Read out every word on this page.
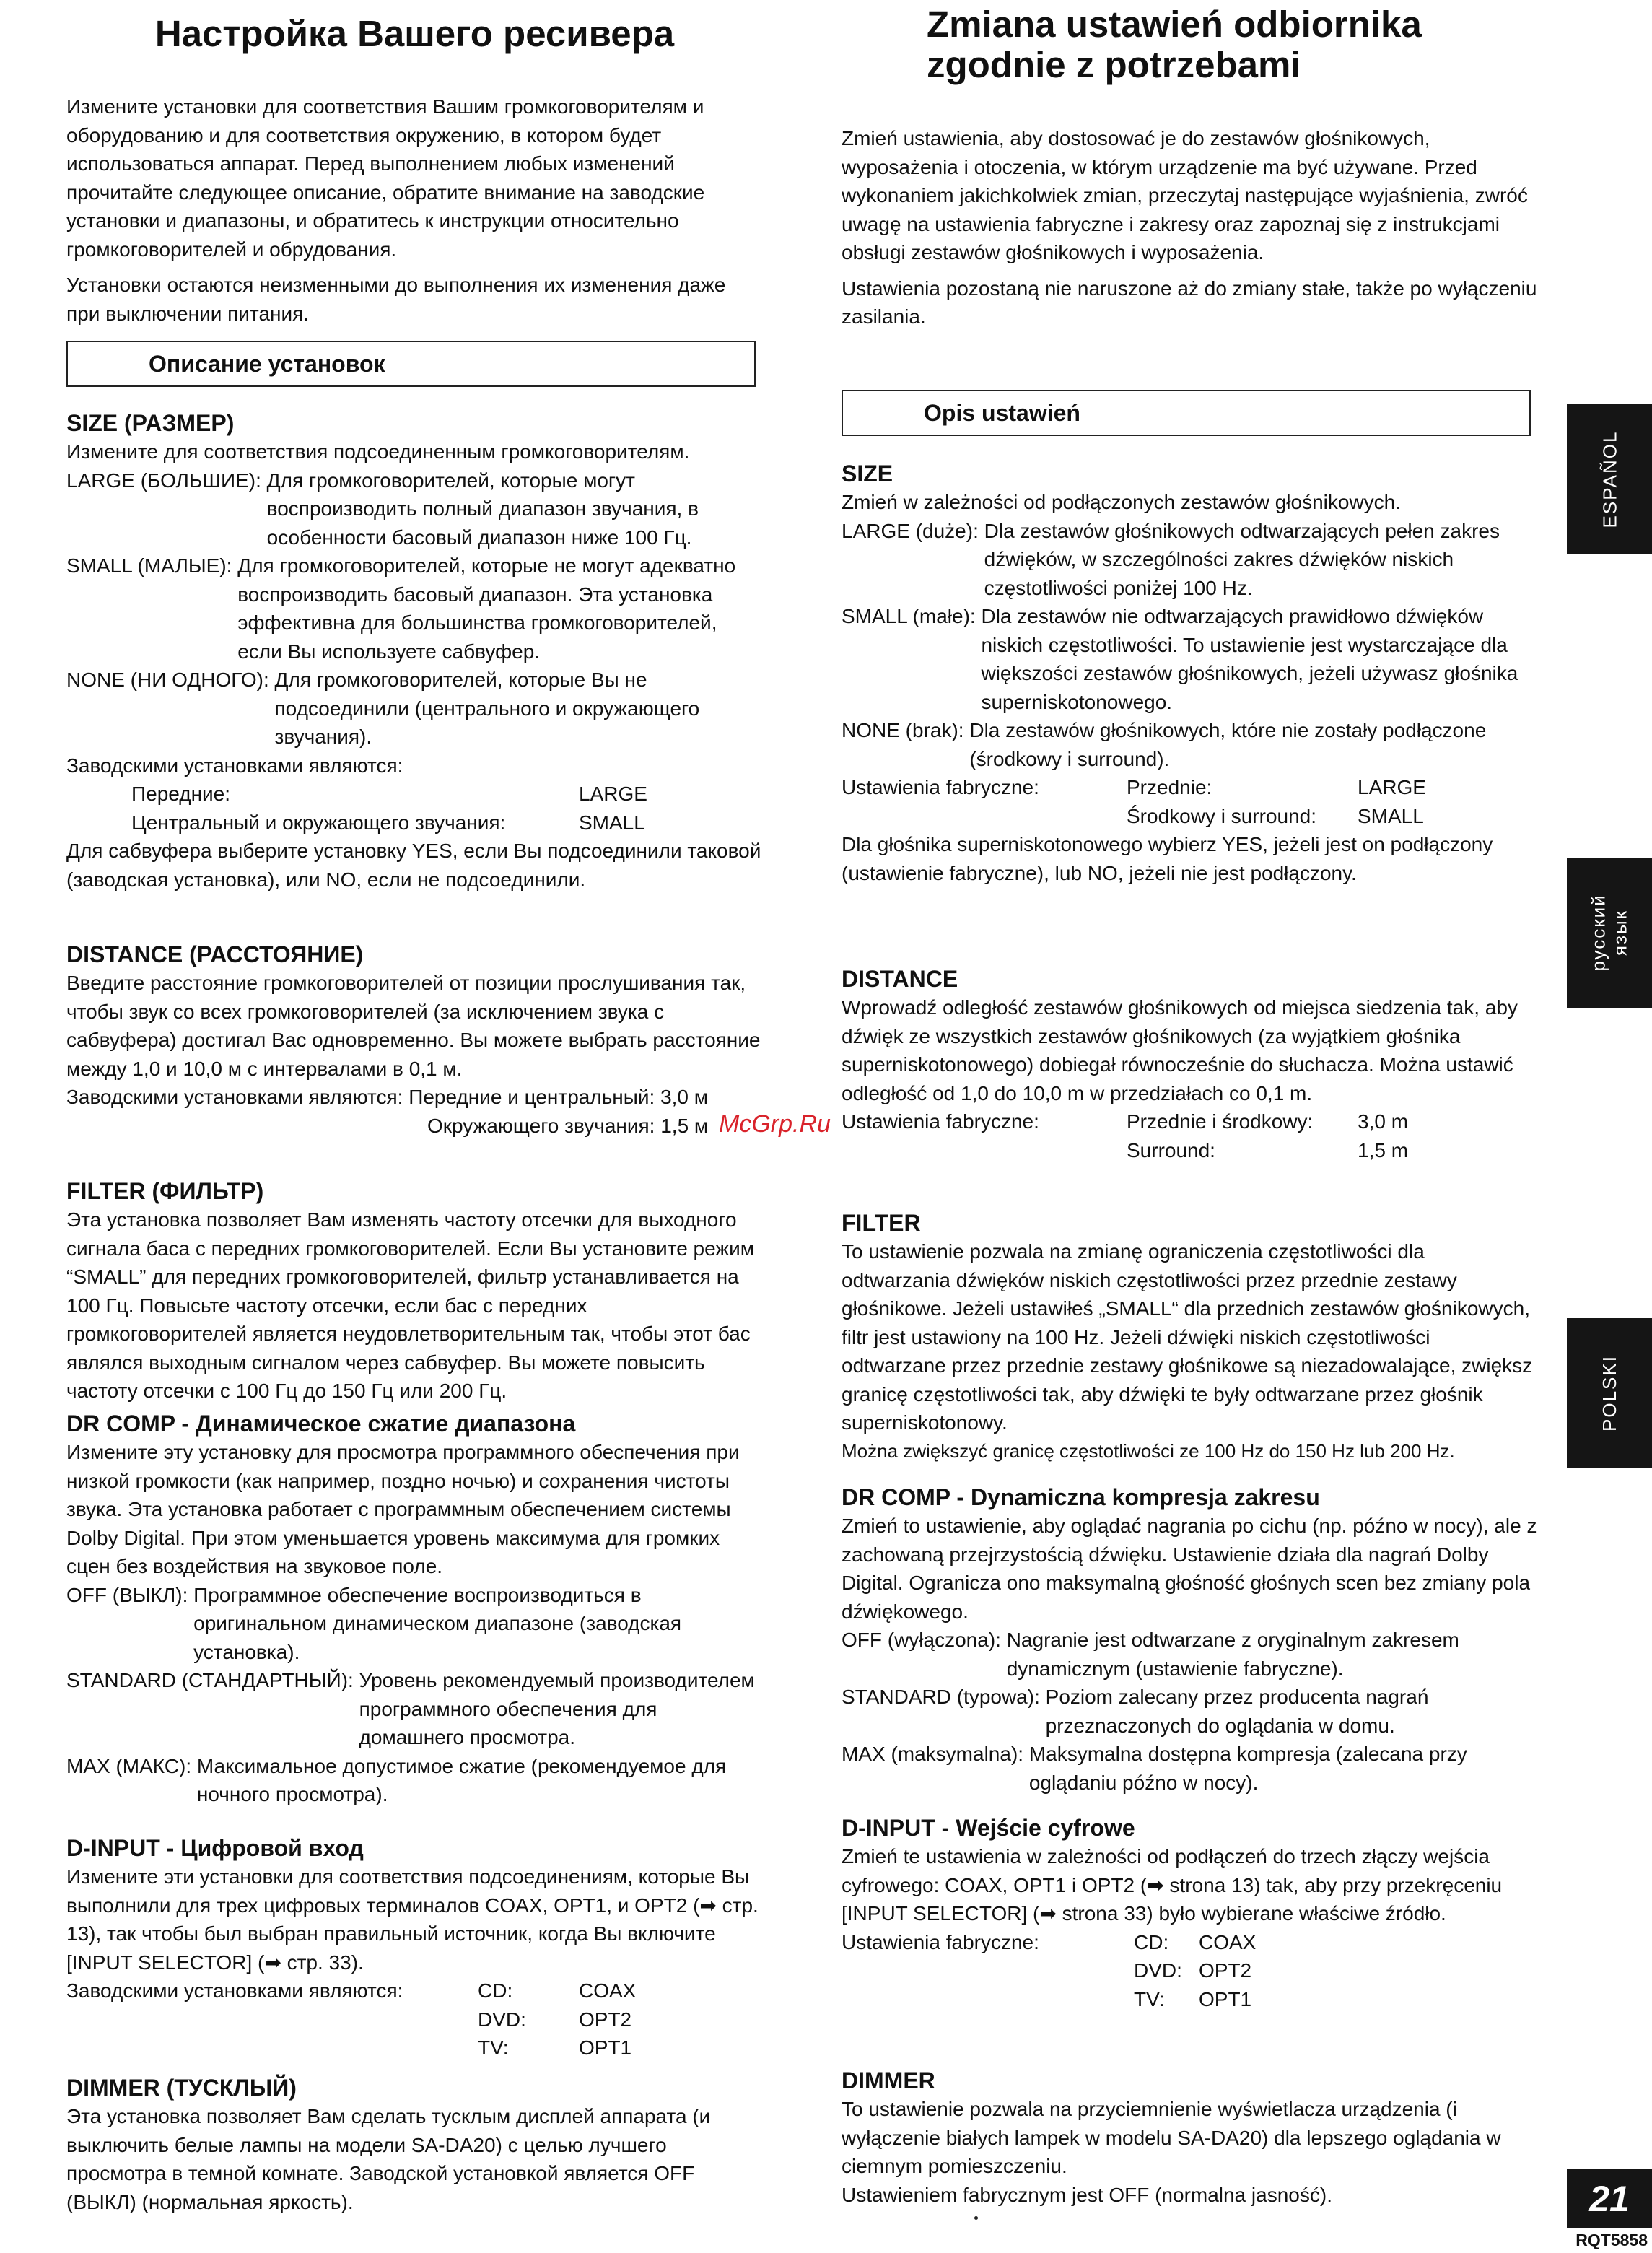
Настройка Вашего ресивера

Измените установки для соответствия Вашим громкоговорителям и оборудованию и для соответствия окружению, в котором будет использоваться аппарат. Перед выполнением любых изменений прочитайте следующее описание, обратите внимание на заводские установки и диапазоны, и обратитесь к инструкции относительно громкоговорителей и обрудования.

Установки остаются неизменными до выполнения их изменения даже при выключении питания.

Описание установок

SIZE (РАЗМЕР)

Измените для соответствия подсоединенным громкоговорителям.

LARGE (БОЛЬШИЕ): Для громкоговорителей, которые могут воспроизводить полный диапазон звучания, в особенности басовый диапазон ниже 100 Гц.
SMALL (МАЛЫЕ): Для громкоговорителей, которые не могут адекватно воспроизводить басовый диапазон. Эта установка эффективна для большинства громкоговорителей, если Вы используете сабвуфер.
NONE (НИ ОДНОГО): Для громкоговорителей, которые Вы не подсоединили (центрального и окружающего звучания).

Заводскими установками являются:

Передние:	LARGE
Центральный и окружающего звучания:	SMALL

Для сабвуфера выберите установку YES, если Вы подсоединили таковой (заводская установка), или NO, если не подсоединили.

DISTANCE (РАССТОЯНИЕ)

Введите расстояние громкоговорителей от позиции прослушивания так, чтобы звук со всех громкоговорителей (за исключением звука с сабвуфера) достигал Вас одновременно. Вы можете выбрать расстояние между 1,0 и 10,0 м с интервалами в 0,1 м.

Заводскими установками являются: Передние и центральный: 3,0 м

Окружающего звучания: 1,5 м

FILTER (ФИЛЬТР)

Эта установка позволяет Вам изменять частоту отсечки для выходного сигнала баса с передних громкоговорителей. Если Вы установите режим “SMALL” для передних громкоговорителей, фильтр устанавливается на 100 Гц. Повысьте частоту отсечки, если бас с передних громкоговорителей является неудовлетворительным так, чтобы этот бас являлся выходным сигналом через сабвуфер. Вы можете повысить частоту отсечки с 100 Гц до 150 Гц или 200 Гц.

DR COMP - Динамическое сжатие диапазона

Измените эту установку для просмотра программного обеспечения при низкой громкости (как например, поздно ночью) и сохранения чистоты звука. Эта установка работает с программным обеспечением системы Dolby Digital. При этом уменьшается уровень максимума для громких сцен без воздействия на звуковое поле.

OFF (ВЫКЛ): Программное обеспечение воспроизводиться в оригинальном динамическом диапазоне (заводская установка).
STANDARD (СТАНДАРТНЫЙ): Уровень рекомендуемый производителем программного обеспечения для домашнего просмотра.
MAX (МАКС): Максимальное допустимое сжатие (рекомендуемое для ночного просмотра).

D-INPUT - Цифровой вход

Измените эти установки для соответствия подсоединениям, которые Вы выполнили для трех цифровых терминалов COAX, OPT1, и OPT2 (➡ стр. 13), так чтобы был выбран правильный источник, когда Вы включите [INPUT SELECTOR] (➡ стр. 33).

Заводскими установками являются:	CD:	COAX
DVD:	OPT2
TV:	OPT1

DIMMER (ТУСКЛЫЙ)

Эта установка позволяет Вам сделать тусклым дисплей аппарата (и выключить белые лампы на модели SA-DA20) с целью лучшего просмотра в темной комнате. Заводской установкой является OFF (ВЫКЛ) (нормальная яркость).

Zmiana ustawień odbiornika
zgodnie z potrzebami

Zmień ustawienia, aby dostosować je do zestawów głośnikowych, wyposażenia i otoczenia, w którym urządzenie ma być używane. Przed wykonaniem jakichkolwiek zmian, przeczytaj następujące wyjaśnienia, zwróć uwagę na ustawienia fabryczne i zakresy oraz zapoznaj się z instrukcjami obsługi zestawów głośnikowych i wyposażenia.

Ustawienia pozostaną nie naruszone aż do zmiany stałe, także po wyłączeniu zasilania.

Opis ustawień

SIZE

Zmień w zależności od podłączonych zestawów głośnikowych.

LARGE (duże): Dla zestawów głośnikowych odtwarzających pełen zakres dźwięków, w szczególności zakres dźwięków niskich częstotliwości poniżej 100 Hz.
SMALL (małe): Dla zestawów nie odtwarzających prawidłowo dźwięków niskich częstotliwości. To ustawienie jest wystarczające dla większości zestawów głośnikowych, jeżeli używasz głośnika superniskotonowego.
NONE (brak): Dla zestawów głośnikowych, które nie zostały podłączone (środkowy i surround).
Ustawienia fabryczne:	Przednie:	LARGE
Środkowy i surround:	SMALL

Dla głośnika superniskotonowego wybierz YES, jeżeli jest on podłączony (ustawienie fabryczne), lub NO, jeżeli nie jest podłączony.

DISTANCE

Wprowadź odległość zestawów głośnikowych od miejsca siedzenia tak, aby dźwięk ze wszystkich zestawów głośnikowych (za wyjątkiem głośnika superniskotonowego) dobiegał równocześnie do słuchacza. Można ustawić odległość od 1,0 do 10,0 m w przedziałach co 0,1 m.

Ustawienia fabryczne:	Przednie i środkowy:	3,0 m
Surround:	1,5 m

FILTER

To ustawienie pozwala na zmianę ograniczenia częstotliwości dla odtwarzania dźwięków niskich częstotliwości przez przednie zestawy głośnikowe. Jeżeli ustawiłeś „SMALL“ dla przednich zestawów głośnikowych, filtr jest ustawiony na 100 Hz. Jeżeli dźwięki niskich częstotliwości odtwarzane przez przednie zestawy głośnikowe są niezadowalające, zwiększ granicę częstotliwości tak, aby dźwięki te były odtwarzane przez głośnik superniskotonowy.

Można zwiększyć granicę częstotliwości ze 100 Hz do 150 Hz lub 200 Hz.

DR COMP - Dynamiczna kompresja zakresu

Zmień to ustawienie, aby oglądać nagrania po cichu (np. późno w nocy), ale z zachowaną przejrzystością dźwięku. Ustawienie działa dla nagrań Dolby Digital. Ogranicza ono maksymalną głośność głośnych scen bez zmiany pola dźwiękowego.

OFF (wyłączona): Nagranie jest odtwarzane z oryginalnym zakresem dynamicznym (ustawienie fabryczne).
STANDARD (typowa): Poziom zalecany przez producenta nagrań przeznaczonych do oglądania w domu.
MAX (maksymalna): Maksymalna dostępna kompresja (zalecana przy oglądaniu późno w nocy).

D-INPUT - Wejście cyfrowe

Zmień te ustawienia w zależności od podłączeń do trzech złączy wejścia cyfrowego: COAX, OPT1 i OPT2 (➡ strona 13) tak, aby przy przekręceniu [INPUT SELECTOR] (➡ strona 33) było wybierane właściwe źródło.

Ustawienia fabryczne:	CD:	COAX
DVD: OPT2
TV:	OPT1

DIMMER

To ustawienie pozwala na przyciemnienie wyświetlacza urządzenia (i wyłączenie białych lampek w modelu SA-DA20) dla lepszego oglądania w ciemnym pomieszczeniu.

Ustawieniem fabrycznym jest OFF (normalna jasność).

ESPAÑOL
русский язык
POLSKI
21
RQT5858
McGrp.Ru
